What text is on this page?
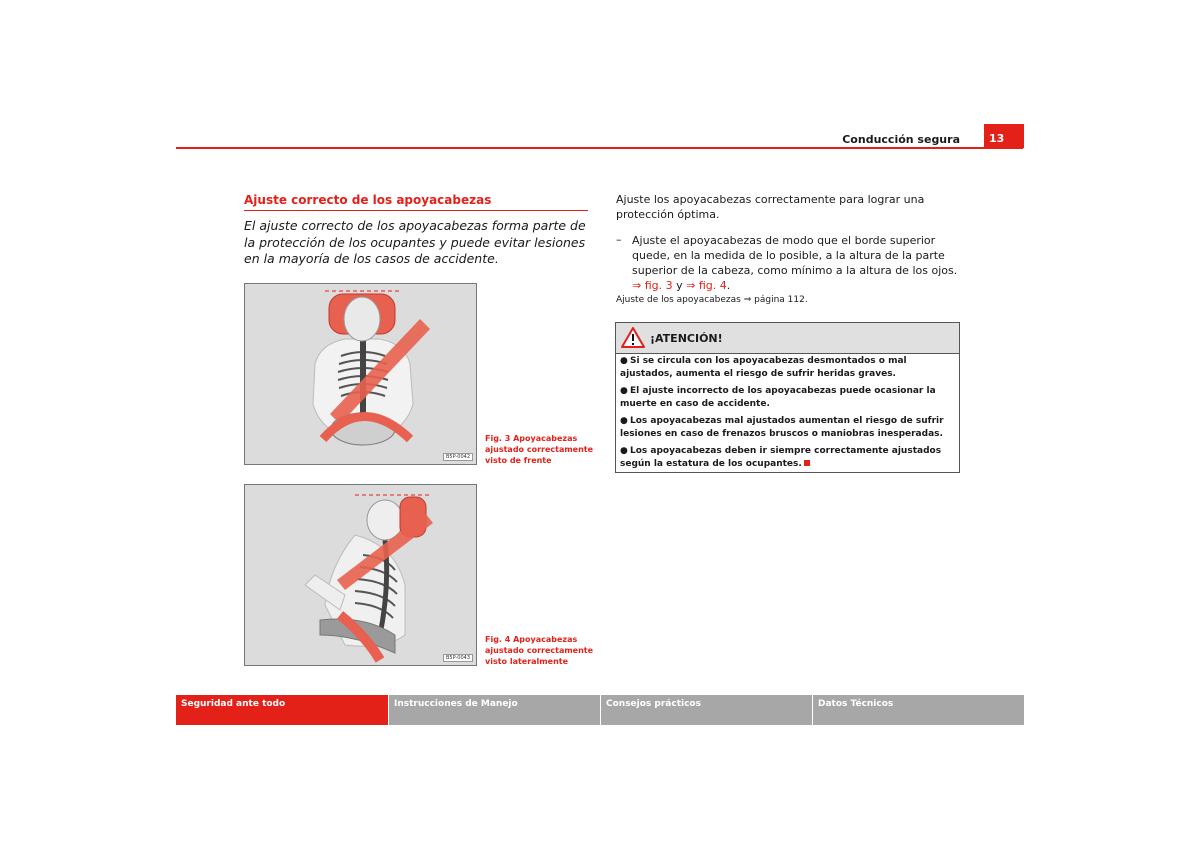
Conducción segura	13
Ajuste correcto de los apoyacabezas
El ajuste correcto de los apoyacabezas forma parte de la protección de los ocupantes y puede evitar lesiones en la mayoría de los casos de accidente.
B5P-0042
Fig. 3 Apoyacabezas
ajustado correctamente
visto de frente
B5P-0043
Fig. 4 Apoyacabezas
ajustado correctamente
visto lateralmente
Ajuste los apoyacabezas correctamente para lograr una protección óptima.
– Ajuste el apoyacabezas de modo que el borde superior quede, en la medida de lo posible, a la altura de la parte superior de la cabeza, como mínimo a la altura de los ojos. ⇒ fig. 3 y ⇒ fig. 4.
Ajuste de los apoyacabezas ⇒ página 112.
¡ATENCIÓN!
● Si se circula con los apoyacabezas desmontados o mal ajustados, aumenta el riesgo de sufrir heridas graves.
● El ajuste incorrecto de los apoyacabezas puede ocasionar la muerte en caso de accidente.
● Los apoyacabezas mal ajustados aumentan el riesgo de sufrir lesiones en caso de frenazos bruscos o maniobras inesperadas.
● Los apoyacabezas deben ir siempre correctamente ajustados según la estatura de los ocupantes.
Seguridad ante todo	Instrucciones de Manejo	Consejos prácticos	Datos Técnicos
